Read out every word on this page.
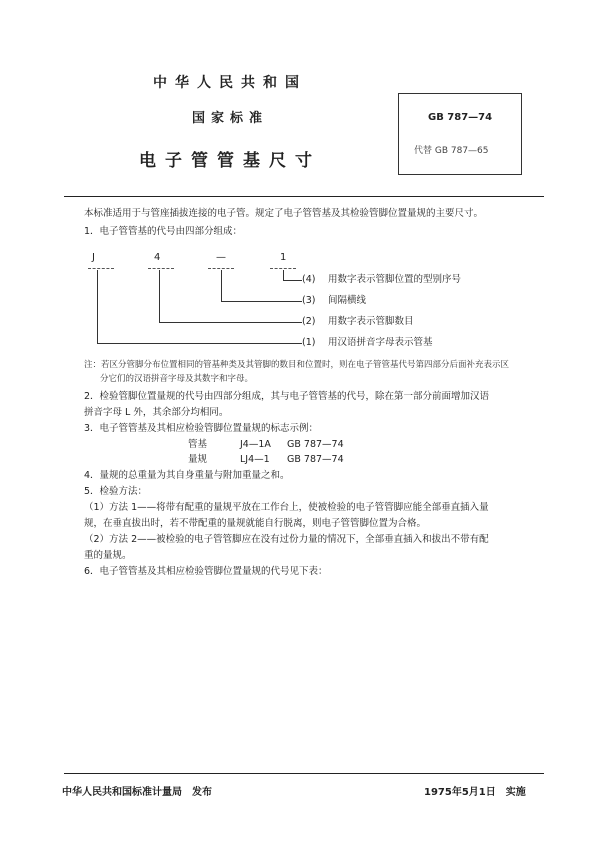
中华人民共和国
国家标准
电子管管基尺寸
GB 787—74
代替 GB 787—65
本标准适用于与管座插拔连接的电子管。规定了电子管管基及其检验管脚位置量规的主要尺寸。
1．电子管管基的代号由四部分组成：
J	4	—	1
(4) 用数字表示管脚位置的型别序号
(3) 间隔横线
(2) 用数字表示管脚数目
(1) 用汉语拼音字母表示管基
注：若区分管脚分布位置相同的管基种类及其管脚的数目和位置时，则在电子管管基代号第四部分后面补充表示区
分它们的汉语拼音字母及其数字和字母。
2．检验管脚位置量规的代号由四部分组成，其与电子管管基的代号，除在第一部分前面增加汉语
拼音字母 L 外，其余部分均相同。
3．电子管管基及其相应检验管脚位置量规的标志示例：
管基	J4—1A GB 787—74
量规	LJ4—1 GB 787—74
4．量规的总重量为其自身重量与附加重量之和。
5．检验方法：
（1）方法 1——将带有配重的量规平放在工作台上，使被检验的电子管管脚应能全部垂直插入量
规，在垂直拔出时，若不带配重的量规就能自行脱离，则电子管管脚位置为合格。
（2）方法 2——被检验的电子管管脚应在没有过份力量的情况下，全部垂直插入和拔出不带有配
重的量规。
6．电子管管基及其相应检验管脚位置量规的代号见下表：
中华人民共和国标准计量局　发布	1975年5月1日　实施
